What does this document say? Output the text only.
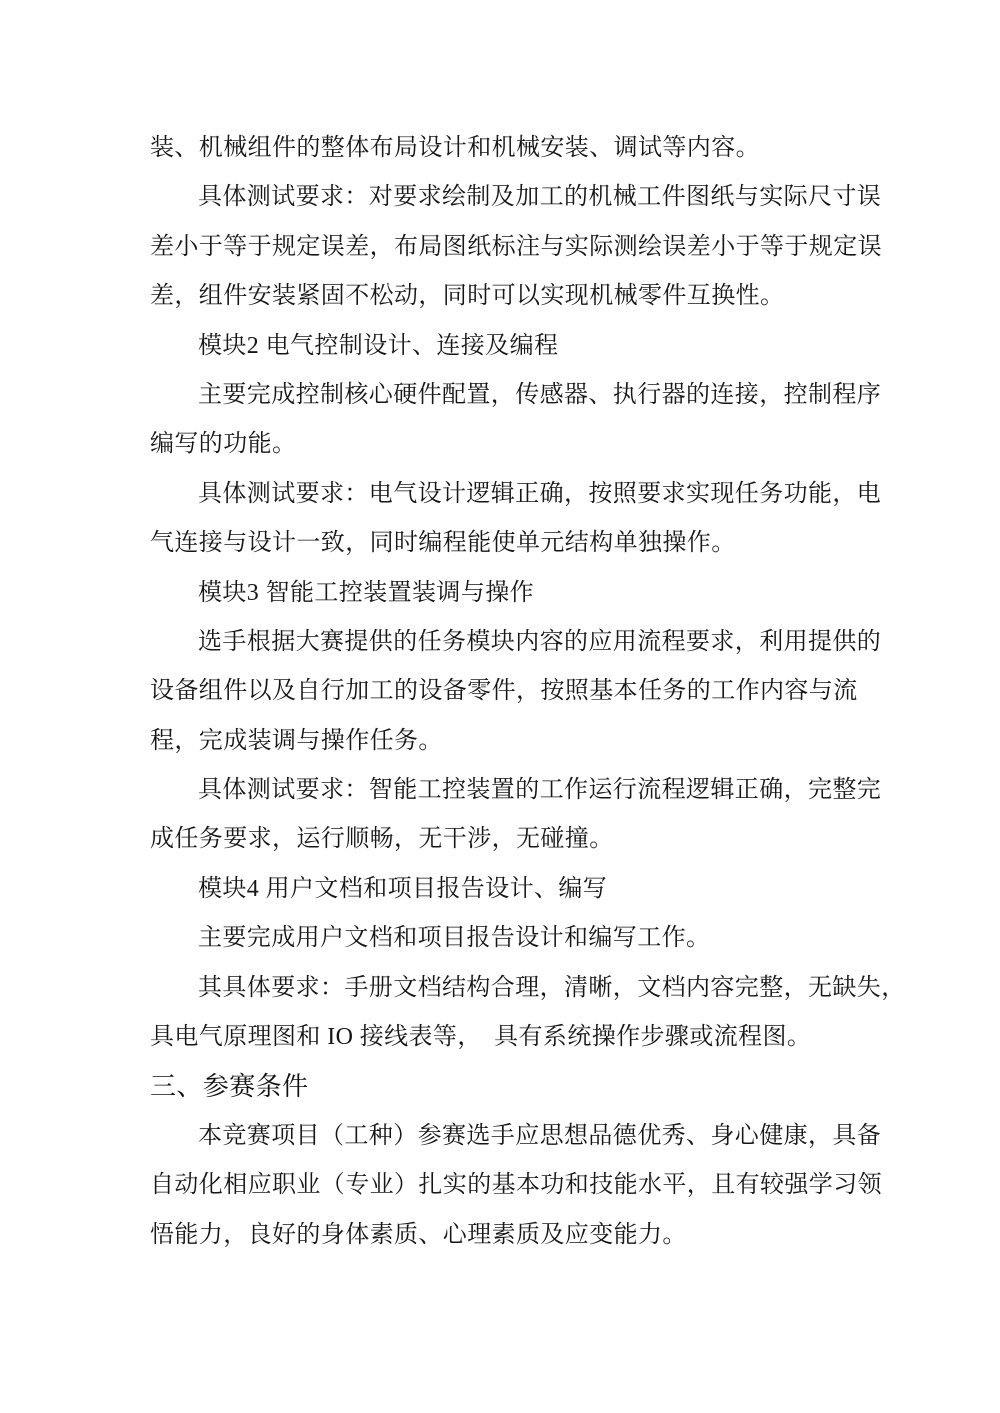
装、机械组件的整体布局设计和机械安装、调试等内容。
具体测试要求：对要求绘制及加工的机械工件图纸与实际尺寸误
差小于等于规定误差，布局图纸标注与实际测绘误差小于等于规定误
差，组件安装紧固不松动，同时可以实现机械零件互换性。
模块2 电气控制设计、连接及编程
主要完成控制核心硬件配置，传感器、执行器的连接，控制程序
编写的功能。
具体测试要求：电气设计逻辑正确，按照要求实现任务功能，电
气连接与设计一致，同时编程能使单元结构单独操作。
模块3 智能工控装置装调与操作
选手根据大赛提供的任务模块内容的应用流程要求，利用提供的
设备组件以及自行加工的设备零件，按照基本任务的工作内容与流
程，完成装调与操作任务。
具体测试要求：智能工控装置的工作运行流程逻辑正确，完整完
成任务要求，运行顺畅，无干涉，无碰撞。
模块4 用户文档和项目报告设计、编写
主要完成用户文档和项目报告设计和编写工作。
其具体要求：手册文档结构合理，清晰，文档内容完整，无缺失，
具电气原理图和 IO 接线表等，　具有系统操作步骤或流程图。
三、参赛条件
本竞赛项目（工种）参赛选手应思想品德优秀、身心健康，具备
自动化相应职业（专业）扎实的基本功和技能水平，且有较强学习领
悟能力，良好的身体素质、心理素质及应变能力。
